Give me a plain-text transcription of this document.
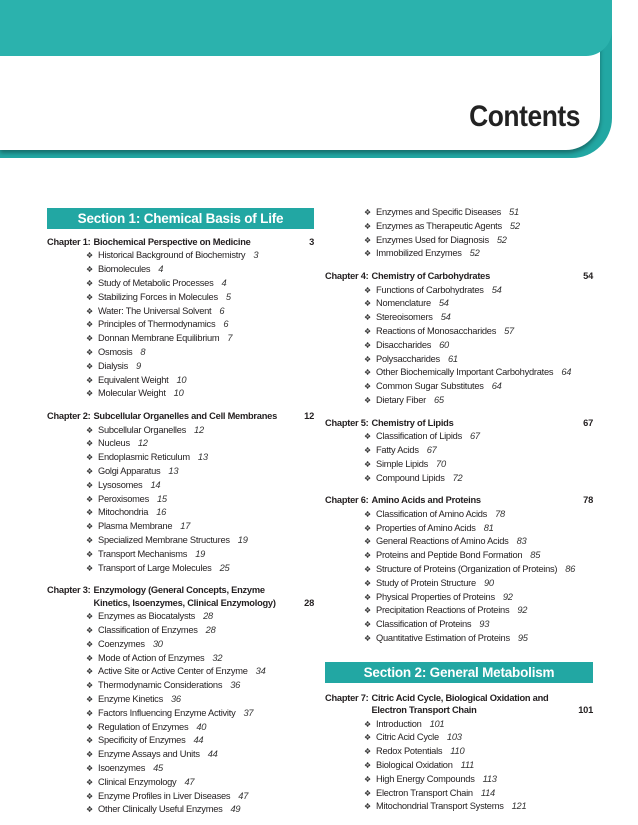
Contents
Section 1: Chemical Basis of Life
Chapter 1: Biochemical Perspective on Medicine	3
❖ Historical Background of Biochemistry 3
❖ Biomolecules 4
❖ Study of Metabolic Processes 4
❖ Stabilizing Forces in Molecules 5
❖ Water: The Universal Solvent 6
❖ Principles of Thermodynamics 6
❖ Donnan Membrane Equilibrium 7
❖ Osmosis 8
❖ Dialysis 9
❖ Equivalent Weight 10
❖ Molecular Weight 10
Chapter 2: Subcellular Organelles and Cell Membranes	12
❖ Subcellular Organelles 12
❖ Nucleus 12
❖ Endoplasmic Reticulum 13
❖ Golgi Apparatus 13
❖ Lysosomes 14
❖ Peroxisomes 15
❖ Mitochondria 16
❖ Plasma Membrane 17
❖ Specialized Membrane Structures 19
❖ Transport Mechanisms 19
❖ Transport of Large Molecules 25
Chapter 3: Enzymology (General Concepts, Enzyme Kinetics, Isoenzymes, Clinical Enzymology)	28
❖ Enzymes as Biocatalysts 28
❖ Classification of Enzymes 28
❖ Coenzymes 30
❖ Mode of Action of Enzymes 32
❖ Active Site or Active Center of Enzyme 34
❖ Thermodynamic Considerations 36
❖ Enzyme Kinetics 36
❖ Factors Influencing Enzyme Activity 37
❖ Regulation of Enzymes 40
❖ Specificity of Enzymes 44
❖ Enzyme Assays and Units 44
❖ Isoenzymes 45
❖ Clinical Enzymology 47
❖ Enzyme Profiles in Liver Diseases 47
❖ Other Clinically Useful Enzymes 49
❖ Enzymes and Specific Diseases 51
❖ Enzymes as Therapeutic Agents 52
❖ Enzymes Used for Diagnosis 52
❖ Immobilized Enzymes 52
Chapter 4: Chemistry of Carbohydrates	54
❖ Functions of Carbohydrates 54
❖ Nomenclature 54
❖ Stereoisomers 54
❖ Reactions of Monosaccharides 57
❖ Disaccharides 60
❖ Polysaccharides 61
❖ Other Biochemically Important Carbohydrates 64
❖ Common Sugar Substitutes 64
❖ Dietary Fiber 65
Chapter 5: Chemistry of Lipids	67
❖ Classification of Lipids 67
❖ Fatty Acids 67
❖ Simple Lipids 70
❖ Compound Lipids 72
Chapter 6: Amino Acids and Proteins	78
❖ Classification of Amino Acids 78
❖ Properties of Amino Acids 81
❖ General Reactions of Amino Acids 83
❖ Proteins and Peptide Bond Formation 85
❖ Structure of Proteins (Organization of Proteins) 86
❖ Study of Protein Structure 90
❖ Physical Properties of Proteins 92
❖ Precipitation Reactions of Proteins 92
❖ Classification of Proteins 93
❖ Quantitative Estimation of Proteins 95
Section 2: General Metabolism
Chapter 7: Citric Acid Cycle, Biological Oxidation and Electron Transport Chain	101
❖ Introduction 101
❖ Citric Acid Cycle 103
❖ Redox Potentials 110
❖ Biological Oxidation 111
❖ High Energy Compounds 113
❖ Electron Transport Chain 114
❖ Mitochondrial Transport Systems 121
